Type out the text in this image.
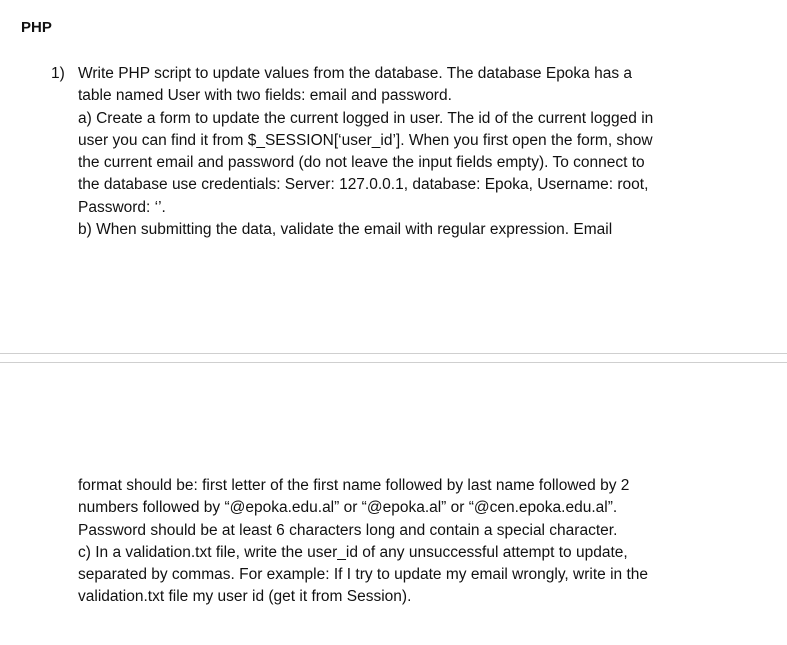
PHP
1) Write PHP script to update values from the database. The database Epoka has a
table named User with two fields: email and password.
a) Create a form to update the current logged in user. The id of the current logged in
user you can find it from $_SESSION[‘user_id’]. When you first open the form, show
the current email and password (do not leave the input fields empty). To connect to
the database use credentials: Server: 127.0.0.1, database: Epoka, Username: root,
Password: ‘’.
b) When submitting the data, validate the email with regular expression. Email
format should be: first letter of the first name followed by last name followed by 2
numbers followed by “@epoka.edu.al” or “@epoka.al” or “@cen.epoka.edu.al”.
Password should be at least 6 characters long and contain a special character.
c) In a validation.txt file, write the user_id of any unsuccessful attempt to update,
separated by commas. For example: If I try to update my email wrongly, write in the
validation.txt file my user id (get it from Session).
